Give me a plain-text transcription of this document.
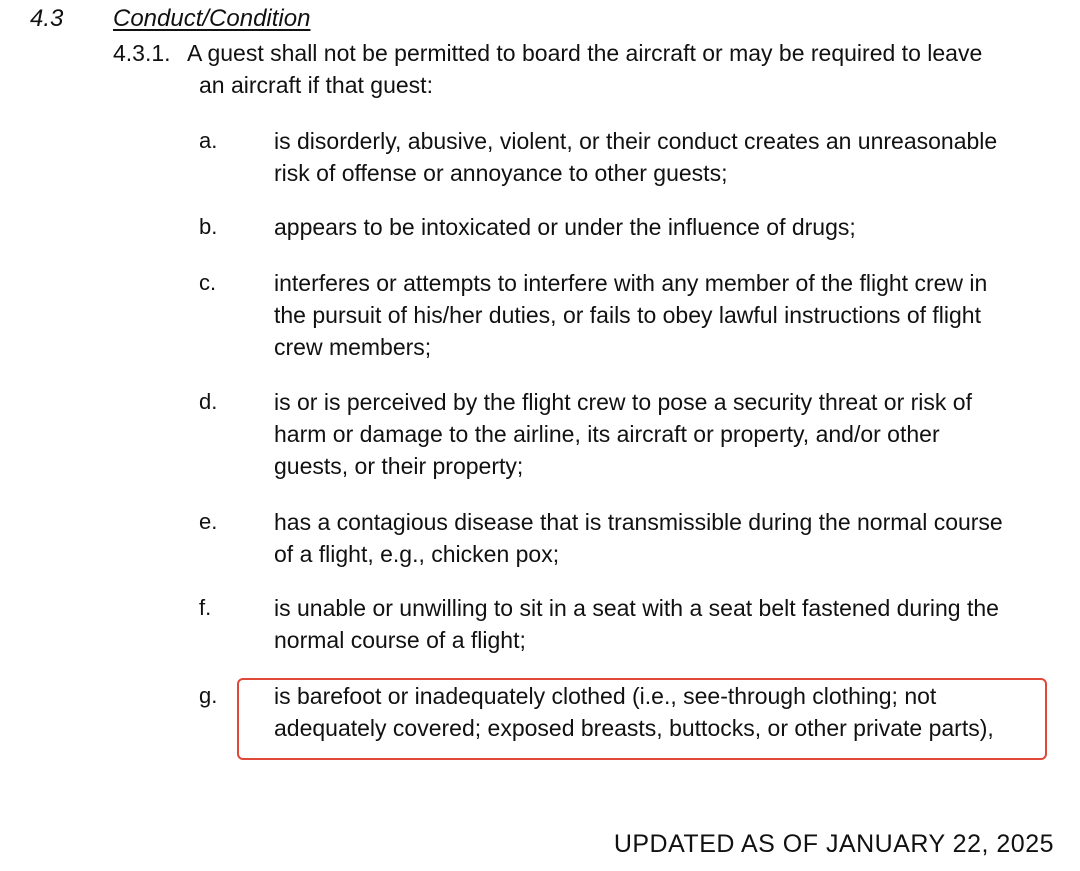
4.3 Conduct/Condition
4.3.1. A guest shall not be permitted to board the aircraft or may be required to leave
an aircraft if that guest:
a. is disorderly, abusive, violent, or their conduct creates an unreasonable
risk of offense or annoyance to other guests;
b. appears to be intoxicated or under the influence of drugs;
c.	interferes or attempts to interfere with any member of the flight crew in
the pursuit of his/her duties, or fails to obey lawful instructions of flight
crew members;
d. is or is perceived by the flight crew to pose a security threat or risk of
harm or damage to the airline, its aircraft or property, and/or other
guests, or their property;
e. has a contagious disease that is transmissible during the normal course
of a flight, e.g., chicken pox;
f.	is unable or unwilling to sit in a seat with a seat belt fastened during the
normal course of a flight;
g. is barefoot or inadequately clothed (i.e., see-through clothing; not
adequately covered; exposed breasts, buttocks, or other private parts),
UPDATED AS OF JANUARY 22, 2025
